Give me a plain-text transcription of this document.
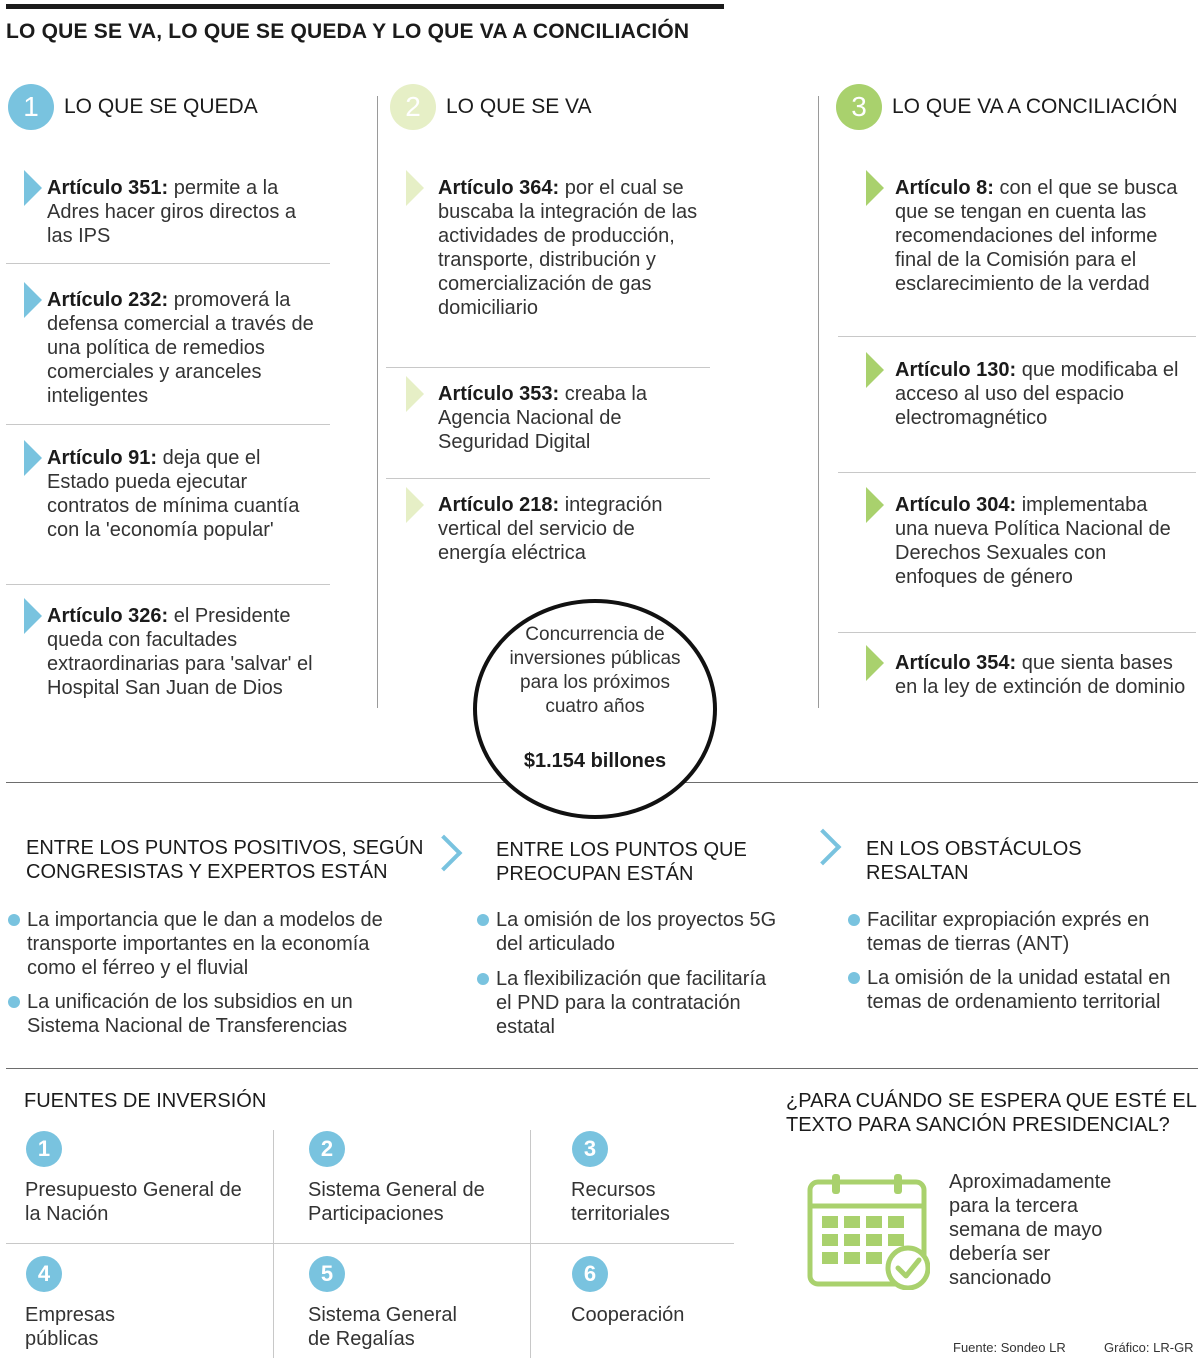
LO QUE SE VA, LO QUE SE QUEDA Y LO QUE VA A CONCILIACIÓN
1	LO QUE SE QUEDA	2	LO QUE SE VA	3	LO QUE VA A CONCILIACIÓN
Artículo 351: permite a la Adres hacer giros directos a las IPS
Artículo 232: promoverá la defensa comercial a través de una política de remedios comerciales y aranceles inteligentes
Artículo 91: deja que el Estado pueda ejecutar contratos de mínima cuantía con la 'economía popular'
Artículo 326: el Presidente queda con facultades extraordinarias para 'salvar' el Hospital San Juan de Dios
Artículo 364: por el cual se buscaba la integración de las actividades de producción, transporte, distribución y comercialización de gas domiciliario
Artículo 353: creaba la Agencia Nacional de Seguridad Digital
Artículo 218: integración vertical del servicio de energía eléctrica
Artículo 8: con el que se busca que se tengan en cuenta las recomendaciones del informe final de la Comisión para el esclarecimiento de la verdad
Artículo 130: que modificaba el acceso al uso del espacio electromagnético
Artículo 304: implementaba una nueva Política Nacional de Derechos Sexuales con enfoques de género
Artículo 354: que sienta bases en la ley de extinción de dominio
Concurrencia de inversiones públicas para los próximos cuatro años
$1.154 billones
ENTRE LOS PUNTOS POSITIVOS, SEGÚN CONGRESISTAS Y EXPERTOS ESTÁN
La importancia que le dan a modelos de transporte importantes en la economía como el férreo y el fluvial
La unificación de los subsidios en un Sistema Nacional de Transferencias
ENTRE LOS PUNTOS QUE PREOCUPAN ESTÁN
La omisión de los proyectos 5G del articulado
La flexibilización que facilitaría el PND para la contratación estatal
EN LOS OBSTÁCULOS RESALTAN
Facilitar expropiación exprés en temas de tierras (ANT)
La omisión de la unidad estatal en temas de ordenamiento territorial
FUENTES DE INVERSIÓN
1
Presupuesto General de la Nación
2
Sistema General de Participaciones
3
Recursos territoriales
4
Empresas públicas
5
Sistema General de Regalías
6
Cooperación
¿PARA CUÁNDO SE ESPERA QUE ESTÉ EL TEXTO PARA SANCIÓN PRESIDENCIAL?
Aproximadamente para la tercera semana de mayo debería ser sancionado
Fuente: Sondeo LR	Gráfico: LR-GR
